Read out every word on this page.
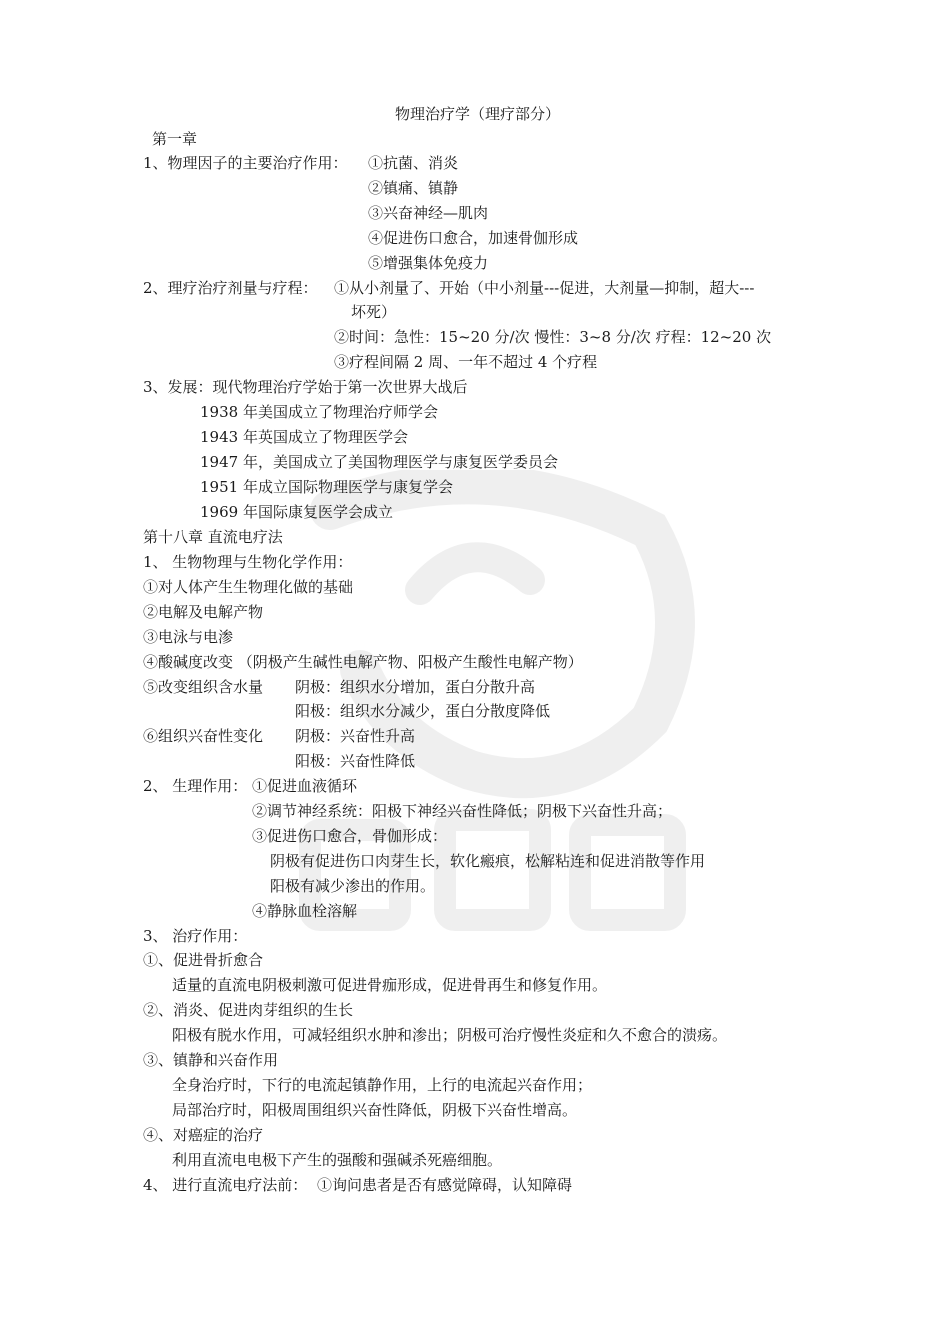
物理治疗学（理疗部分）
第一章
1、物理因子的主要治疗作用： ①抗菌、消炎
②镇痛、镇静
③兴奋神经—肌肉
④促进伤口愈合，加速骨伽形成
⑤增强集体免疫力
2、理疗治疗剂量与疗程： ①从小剂量了、开始（中小剂量---促进，大剂量—抑制，超大---
坏死）
②时间：急性：15~20 分/次 慢性：3~8 分/次 疗程：12~20 次
③疗程间隔 2 周、一年不超过 4 个疗程
3、发展：现代物理治疗学始于第一次世界大战后
1938 年美国成立了物理治疗师学会
1943 年英国成立了物理医学会
1947 年，美国成立了美国物理医学与康复医学委员会
1951 年成立国际物理医学与康复学会
1969 年国际康复医学会成立
第十八章 直流电疗法
1、 生物物理与生物化学作用：
①对人体产生生物理化做的基础
②电解及电解产物
③电泳与电渗
④酸碱度改变 （阴极产生碱性电解产物、阳极产生酸性电解产物）
⑤改变组织含水量 阴极：组织水分增加，蛋白分散升高
阳极：组织水分减少，蛋白分散度降低
⑥组织兴奋性变化 阴极：兴奋性升高
阳极：兴奋性降低
2、 生理作用： ①促进血液循环
②调节神经系统：阳极下神经兴奋性降低；阴极下兴奋性升高；
③促进伤口愈合，骨伽形成：
阴极有促进伤口肉芽生长，软化瘢痕，松解粘连和促进消散等作用
阳极有减少渗出的作用。
④静脉血栓溶解
3、 治疗作用：
①、促进骨折愈合
适量的直流电阴极刺激可促进骨痂形成，促进骨再生和修复作用。
②、消炎、促进肉芽组织的生长
阳极有脱水作用，可减轻组织水肿和渗出；阴极可治疗慢性炎症和久不愈合的溃疡。
③、镇静和兴奋作用
全身治疗时，下行的电流起镇静作用，上行的电流起兴奋作用；
局部治疗时，阳极周围组织兴奋性降低，阴极下兴奋性增高。
④、对癌症的治疗
利用直流电电极下产生的强酸和强碱杀死癌细胞。
4、 进行直流电疗法前： ①询问患者是否有感觉障碍，认知障碍
